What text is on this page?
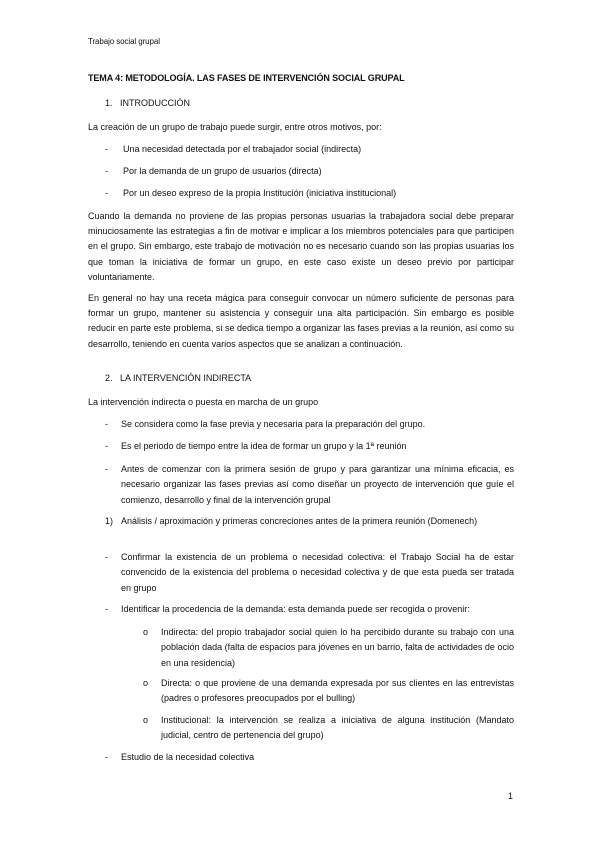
Trabajo social grupal
TEMA 4: METODOLOGÍA. LAS FASES DE INTERVENCIÓN SOCIAL GRUPAL
1. INTRODUCCIÓN
La creación de un grupo de trabajo puede surgir, entre otros motivos, por:
- Una necesidad detectada por el trabajador social (indirecta)
- Por la demanda de un grupo de usuarios (directa)
- Por un deseo expreso de la propia Institución (iniciativa institucional)
Cuando la demanda no proviene de las propias personas usuarias la trabajadora social debe preparar minuciosamente las estrategias a fin de motivar e implicar a los miembros potenciales para que participen en el grupo. Sin embargo, este trabajo de motivación no es necesario cuando son las propias usuarias los que toman la iniciativa de formar un grupo, en este caso existe un deseo previo por participar voluntariamente.
En general no hay una receta mágica para conseguir convocar un número suficiente de personas para formar un grupo, mantener su asistencia y conseguir una alta participación. Sin embargo es posible reducir en parte este problema, si se dedica tiempo a organizar las fases previas a la reunión, así como su desarrollo, teniendo en cuenta varios aspectos que se analizan a continuación.
2. LA INTERVENCIÓN INDIRECTA
La intervención indirecta o puesta en marcha de un grupo
- Se considera como la fase previa y necesaria para la preparación del grupo.
- Es el periodo de tiempo entre la idea de formar un grupo y la 1ª reunión
- Antes de comenzar con la primera sesión de grupo y para garantizar una mínima eficacia, es necesario organizar las fases previas así como diseñar un proyecto de intervención que guíe el comienzo, desarrollo y final de la intervención grupal
1) Análisis / aproximación y primeras concreciones antes de la primera reunión (Domenech)
- Confirmar la existencia de un problema o necesidad colectiva: el Trabajo Social ha de estar convencido de la existencia del problema o necesidad colectiva y de que esta pueda ser tratada en grupo
- Identificar la procedencia de la demanda: esta demanda puede ser recogida o provenir:
o Indirecta: del propio trabajador social quien lo ha percibido durante su trabajo con una población dada (falta de espacios para jóvenes en un barrio, falta de actividades de ocio en una residencia)
o Directa: o que proviene de una demanda expresada por sus clientes en las entrevistas (padres o profesores preocupados por el bulling)
o Institucional: la intervención se realiza a iniciativa de alguna institución (Mandato judicial, centro de pertenencia del grupo)
- Estudio de la necesidad colectiva
1
